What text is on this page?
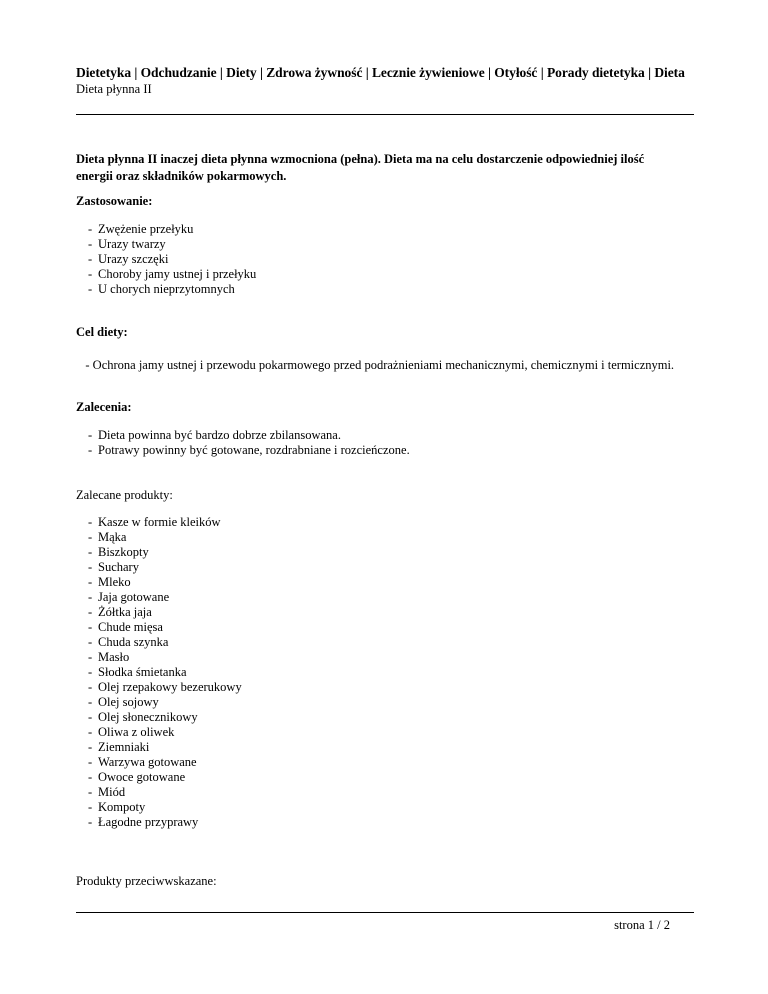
Dietetyka | Odchudzanie | Diety | Zdrowa żywność | Lecznie żywieniowe | Otyłość | Porady dietetyka | Dieta
Dieta płynna II
Dieta płynna II inaczej dieta płynna wzmocniona (pełna). Dieta ma na celu dostarczenie odpowiedniej ilość energii oraz składników pokarmowych.
Zastosowanie:
- Zwężenie przełyku
- Urazy twarzy
- Urazy szczęki
- Choroby jamy ustnej i przełyku
- U chorych nieprzytomnych
Cel diety:
- Ochrona jamy ustnej i przewodu pokarmowego przed podrażnieniami mechanicznymi, chemicznymi i termicznymi.
Zalecenia:
- Dieta powinna być bardzo dobrze zbilansowana.
- Potrawy powinny być gotowane, rozdrabniane i rozcieńczone.
Zalecane produkty:
- Kasze w formie kleików
- Mąka
- Biszkopty
- Suchary
- Mleko
- Jaja gotowane
- Żółtka jaja
- Chude mięsa
- Chuda szynka
- Masło
- Słodka śmietanka
- Olej rzepakowy bezerukowy
- Olej sojowy
- Olej słonecznikowy
- Oliwa z oliwek
- Ziemniaki
- Warzywa gotowane
- Owoce gotowane
- Miód
- Kompoty
- Łagodne przyprawy
Produkty przeciwwskazane:
strona 1 / 2
